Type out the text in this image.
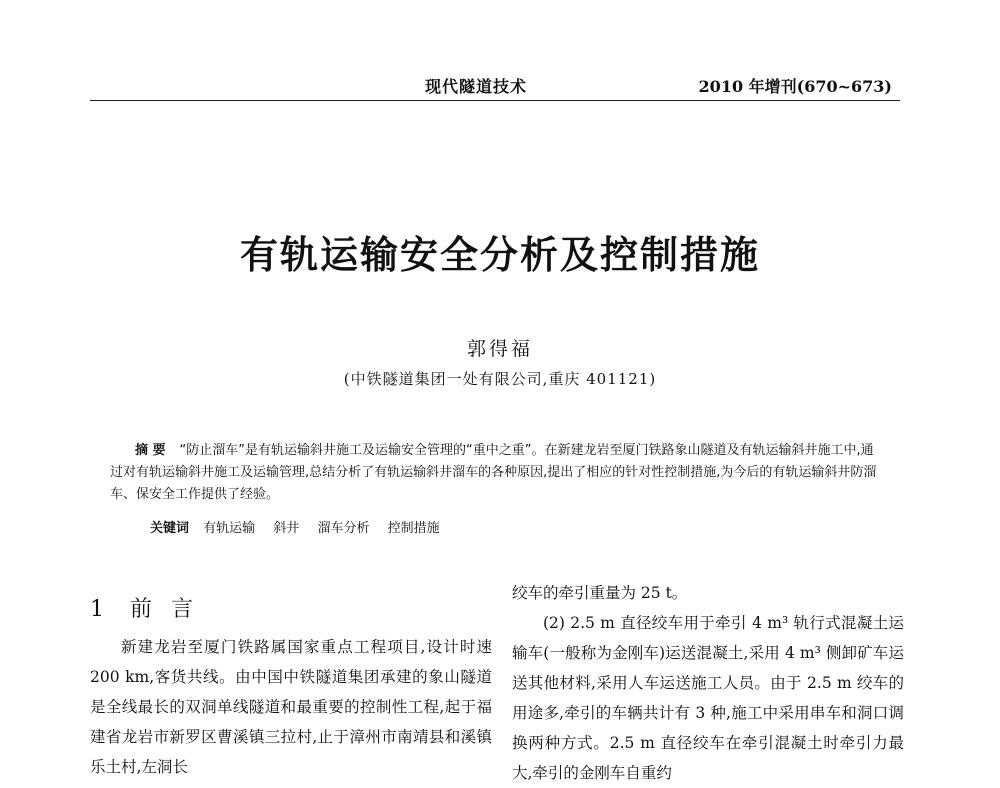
现代隧道技术	2010 年增刊(670~673)
有轨运输安全分析及控制措施
郭得福
(中铁隧道集团一处有限公司,重庆 401121)

摘 要 “防止溜车”是有轨运输斜井施工及运输安全管理的“重中之重”。在新建龙岩至厦门铁路象山隧道及有轨运输斜井施工中,通过对有轨运输斜井施工及运输管理,总结分析了有轨运输斜井溜车的各种原因,提出了相应的针对性控制措施,为今后的有轨运输斜井防溜车、保安全工作提供了经验。

关键词 有轨运输 斜井 溜车分析 控制措施
1 前 言

新建龙岩至厦门铁路属国家重点工程项目,设计时速 200 km,客货共线。由中国中铁隧道集团承建的象山隧道是全线最长的双洞单线隧道和最重要的控制性工程,起于福建省龙岩市新罗区曹溪镇三拉村,止于漳州市南靖县和溪镇乐土村,左洞长

绞车的牵引重量为 25 t。

(2) 2.5 m 直径绞车用于牵引 4 m³ 轨行式混凝土运输车(一般称为金刚车)运送混凝土,采用 4 m³ 侧卸矿车运送其他材料,采用人车运送施工人员。由于 2.5 m 绞车的用途多,牵引的车辆共计有 3 种,施工中采用串车和洞口调换两种方式。2.5 m 直径绞车在牵引混凝土时牵引力最大,牵引的金刚车自重约
